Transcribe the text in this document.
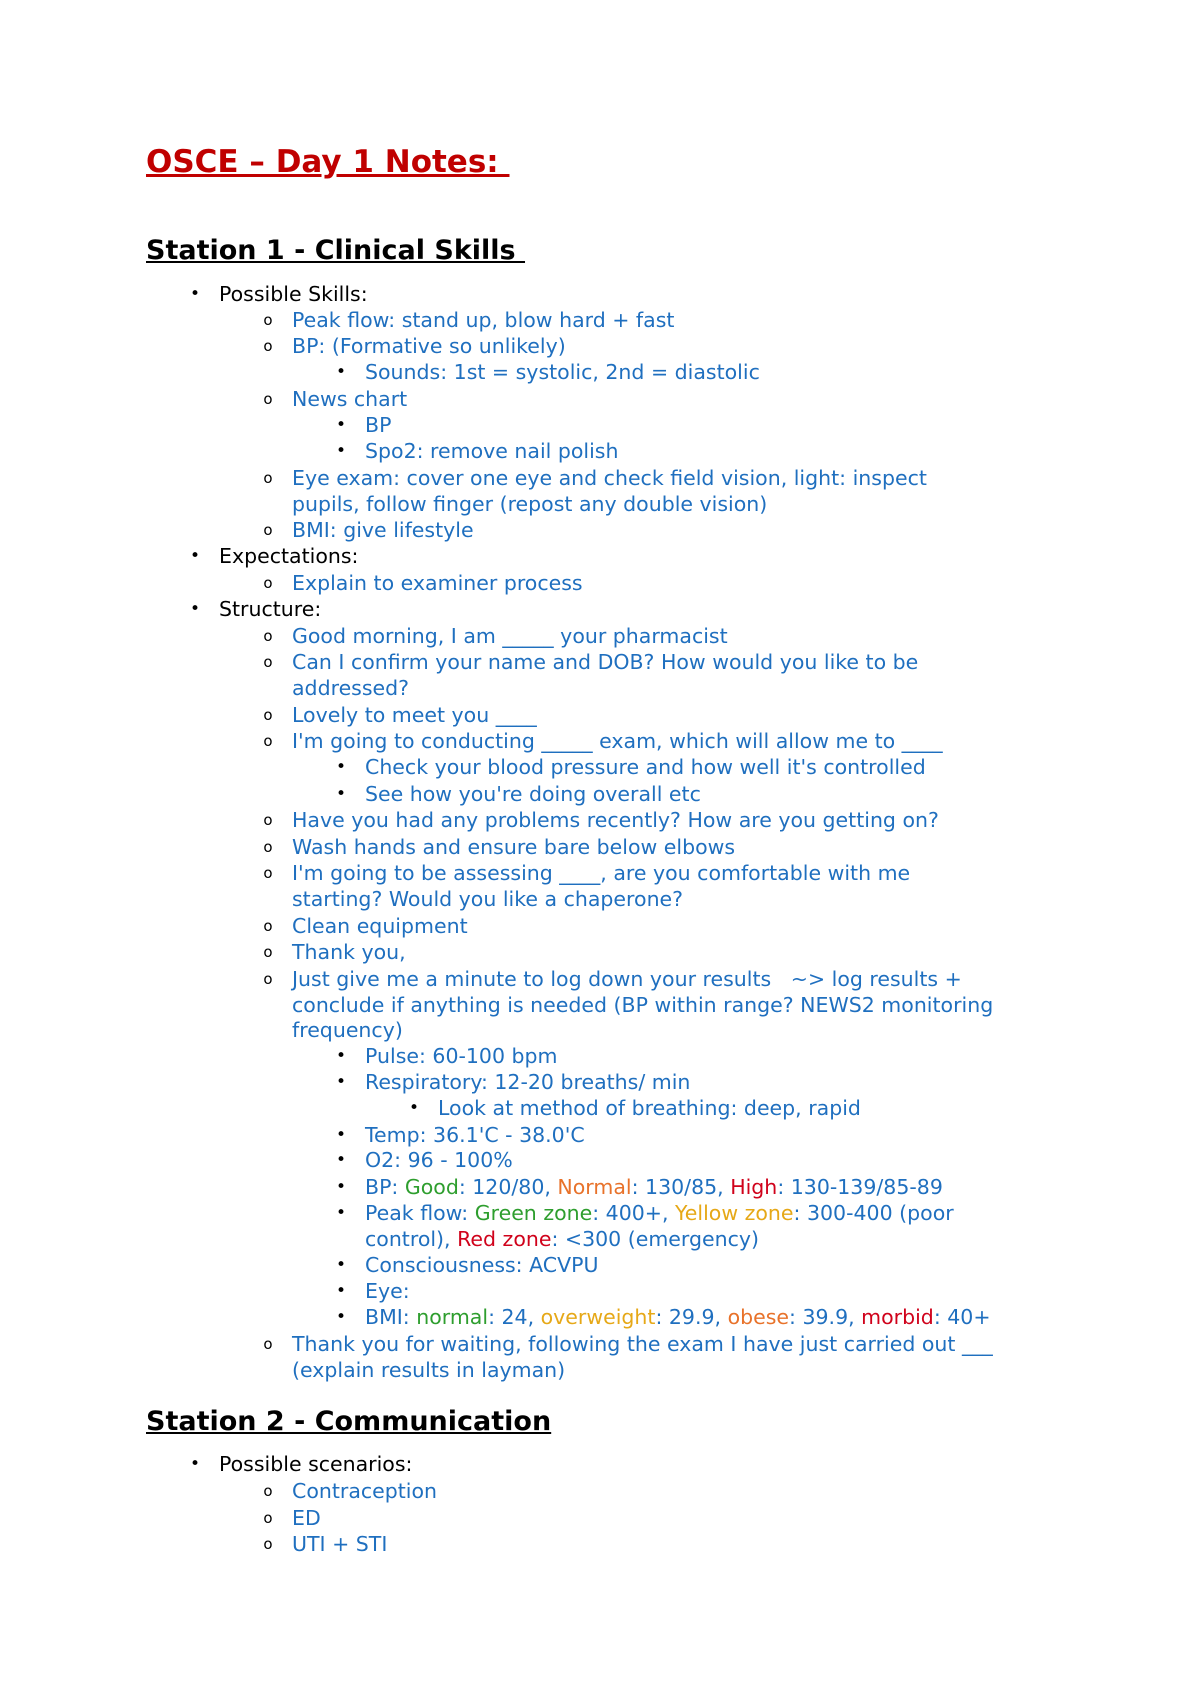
OSCE – Day 1 Notes:
Station 1 - Clinical Skills
• Possible Skills:
o Peak flow: stand up, blow hard + fast
o BP: (Formative so unlikely)
• Sounds: 1st = systolic, 2nd = diastolic
o News chart
• BP
• Spo2: remove nail polish
o Eye exam: cover one eye and check field vision, light: inspect
pupils, follow finger (repost any double vision)
o BMI: give lifestyle
• Expectations:
o Explain to examiner process
• Structure:
o Good morning, I am _____ your pharmacist
o Can I confirm your name and DOB? How would you like to be
addressed?
o Lovely to meet you ____
o I'm going to conducting _____ exam, which will allow me to ____
• Check your blood pressure and how well it's controlled
• See how you're doing overall etc
o Have you had any problems recently? How are you getting on?
o Wash hands and ensure bare below elbows
o I'm going to be assessing ____, are you comfortable with me
starting? Would you like a chaperone?
o Clean equipment
o Thank you,
o Just give me a minute to log down your results   ~> log results +
conclude if anything is needed (BP within range? NEWS2 monitoring
frequency)
• Pulse: 60-100 bpm
• Respiratory: 12-20 breaths/ min
• Look at method of breathing: deep, rapid
• Temp: 36.1'C - 38.0'C
• O2: 96 - 100%
• BP: Good: 120/80, Normal: 130/85, High: 130-139/85-89
• Peak flow: Green zone: 400+, Yellow zone: 300-400 (poor
control), Red zone: <300 (emergency)
• Consciousness: ACVPU
• Eye:
• BMI: normal: 24, overweight: 29.9, obese: 39.9, morbid: 40+
o Thank you for waiting, following the exam I have just carried out ___
(explain results in layman)
Station 2 - Communication
• Possible scenarios:
o Contraception
o ED
o UTI + STI
